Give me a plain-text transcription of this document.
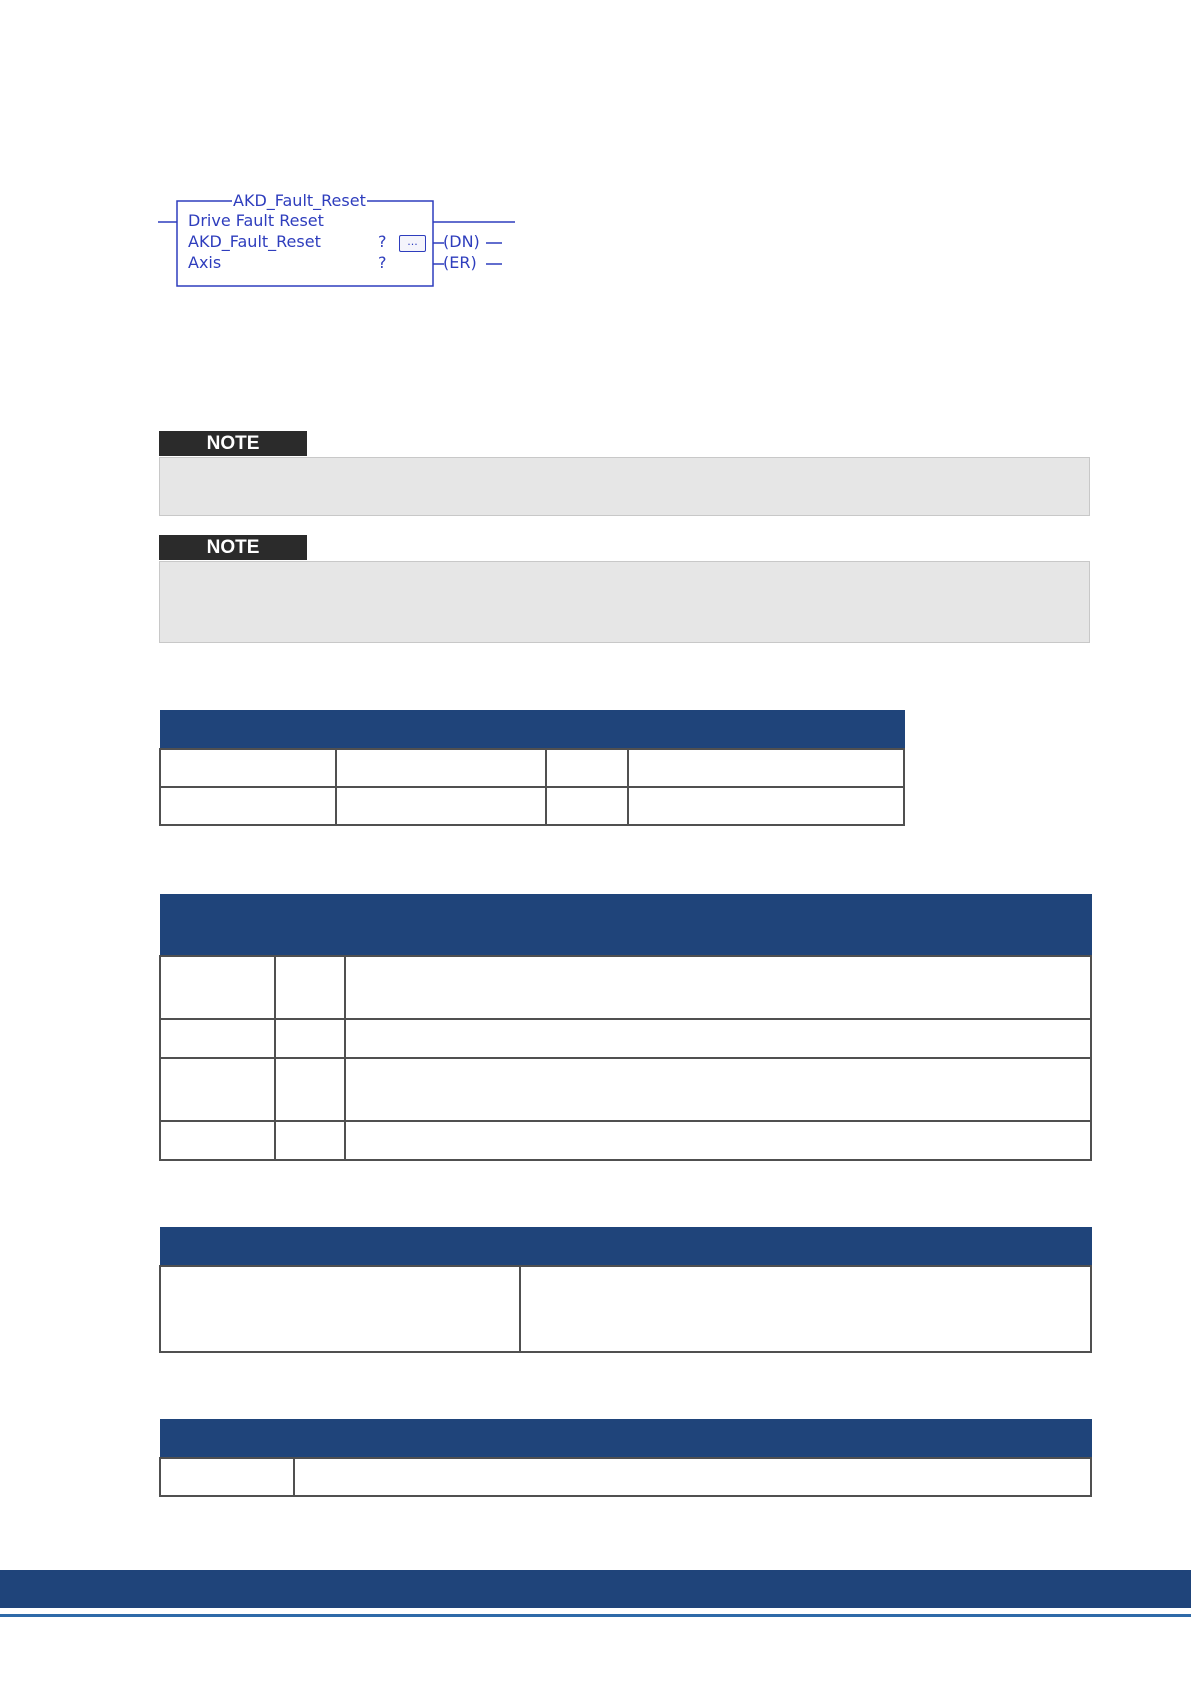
AKD_Fault_Reset
Drive Fault Reset
AKD_Fault_Reset	?	...
Axis	?
(DN)
(ER)
NOTE
NOTE
